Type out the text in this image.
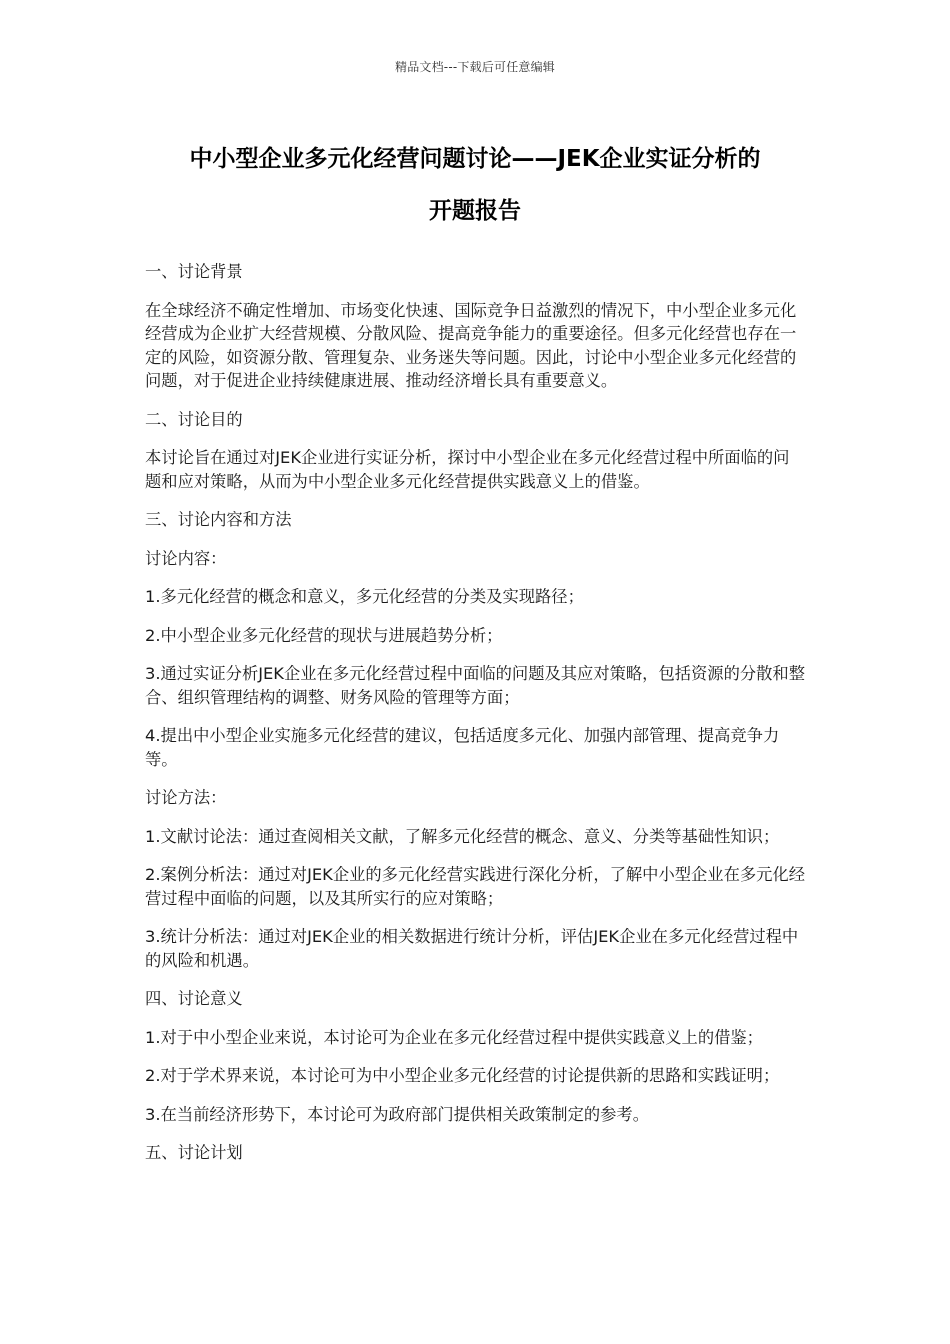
精品文档---下载后可任意编辑
中小型企业多元化经营问题讨论——JEK企业实证分析的
开题报告

一、讨论背景

在全球经济不确定性增加、市场变化快速、国际竞争日益激烈的情况下，中小型企业多元化经营成为企业扩大经营规模、分散风险、提高竞争能力的重要途径。但多元化经营也存在一定的风险，如资源分散、管理复杂、业务迷失等问题。因此，讨论中小型企业多元化经营的问题，对于促进企业持续健康进展、推动经济增长具有重要意义。

二、讨论目的

本讨论旨在通过对JEK企业进行实证分析，探讨中小型企业在多元化经营过程中所面临的问题和应对策略，从而为中小型企业多元化经营提供实践意义上的借鉴。

三、讨论内容和方法

讨论内容：

1.多元化经营的概念和意义，多元化经营的分类及实现路径；

2.中小型企业多元化经营的现状与进展趋势分析；

3.通过实证分析JEK企业在多元化经营过程中面临的问题及其应对策略，包括资源的分散和整合、组织管理结构的调整、财务风险的管理等方面；

4.提出中小型企业实施多元化经营的建议，包括适度多元化、加强内部管理、提高竞争力等。

讨论方法：

1.文献讨论法：通过查阅相关文献，了解多元化经营的概念、意义、分类等基础性知识；

2.案例分析法：通过对JEK企业的多元化经营实践进行深化分析，了解中小型企业在多元化经营过程中面临的问题，以及其所实行的应对策略；

3.统计分析法：通过对JEK企业的相关数据进行统计分析，评估JEK企业在多元化经营过程中的风险和机遇。

四、讨论意义

1.对于中小型企业来说，本讨论可为企业在多元化经营过程中提供实践意义上的借鉴；

2.对于学术界来说，本讨论可为中小型企业多元化经营的讨论提供新的思路和实践证明；

3.在当前经济形势下，本讨论可为政府部门提供相关政策制定的参考。

五、讨论计划
